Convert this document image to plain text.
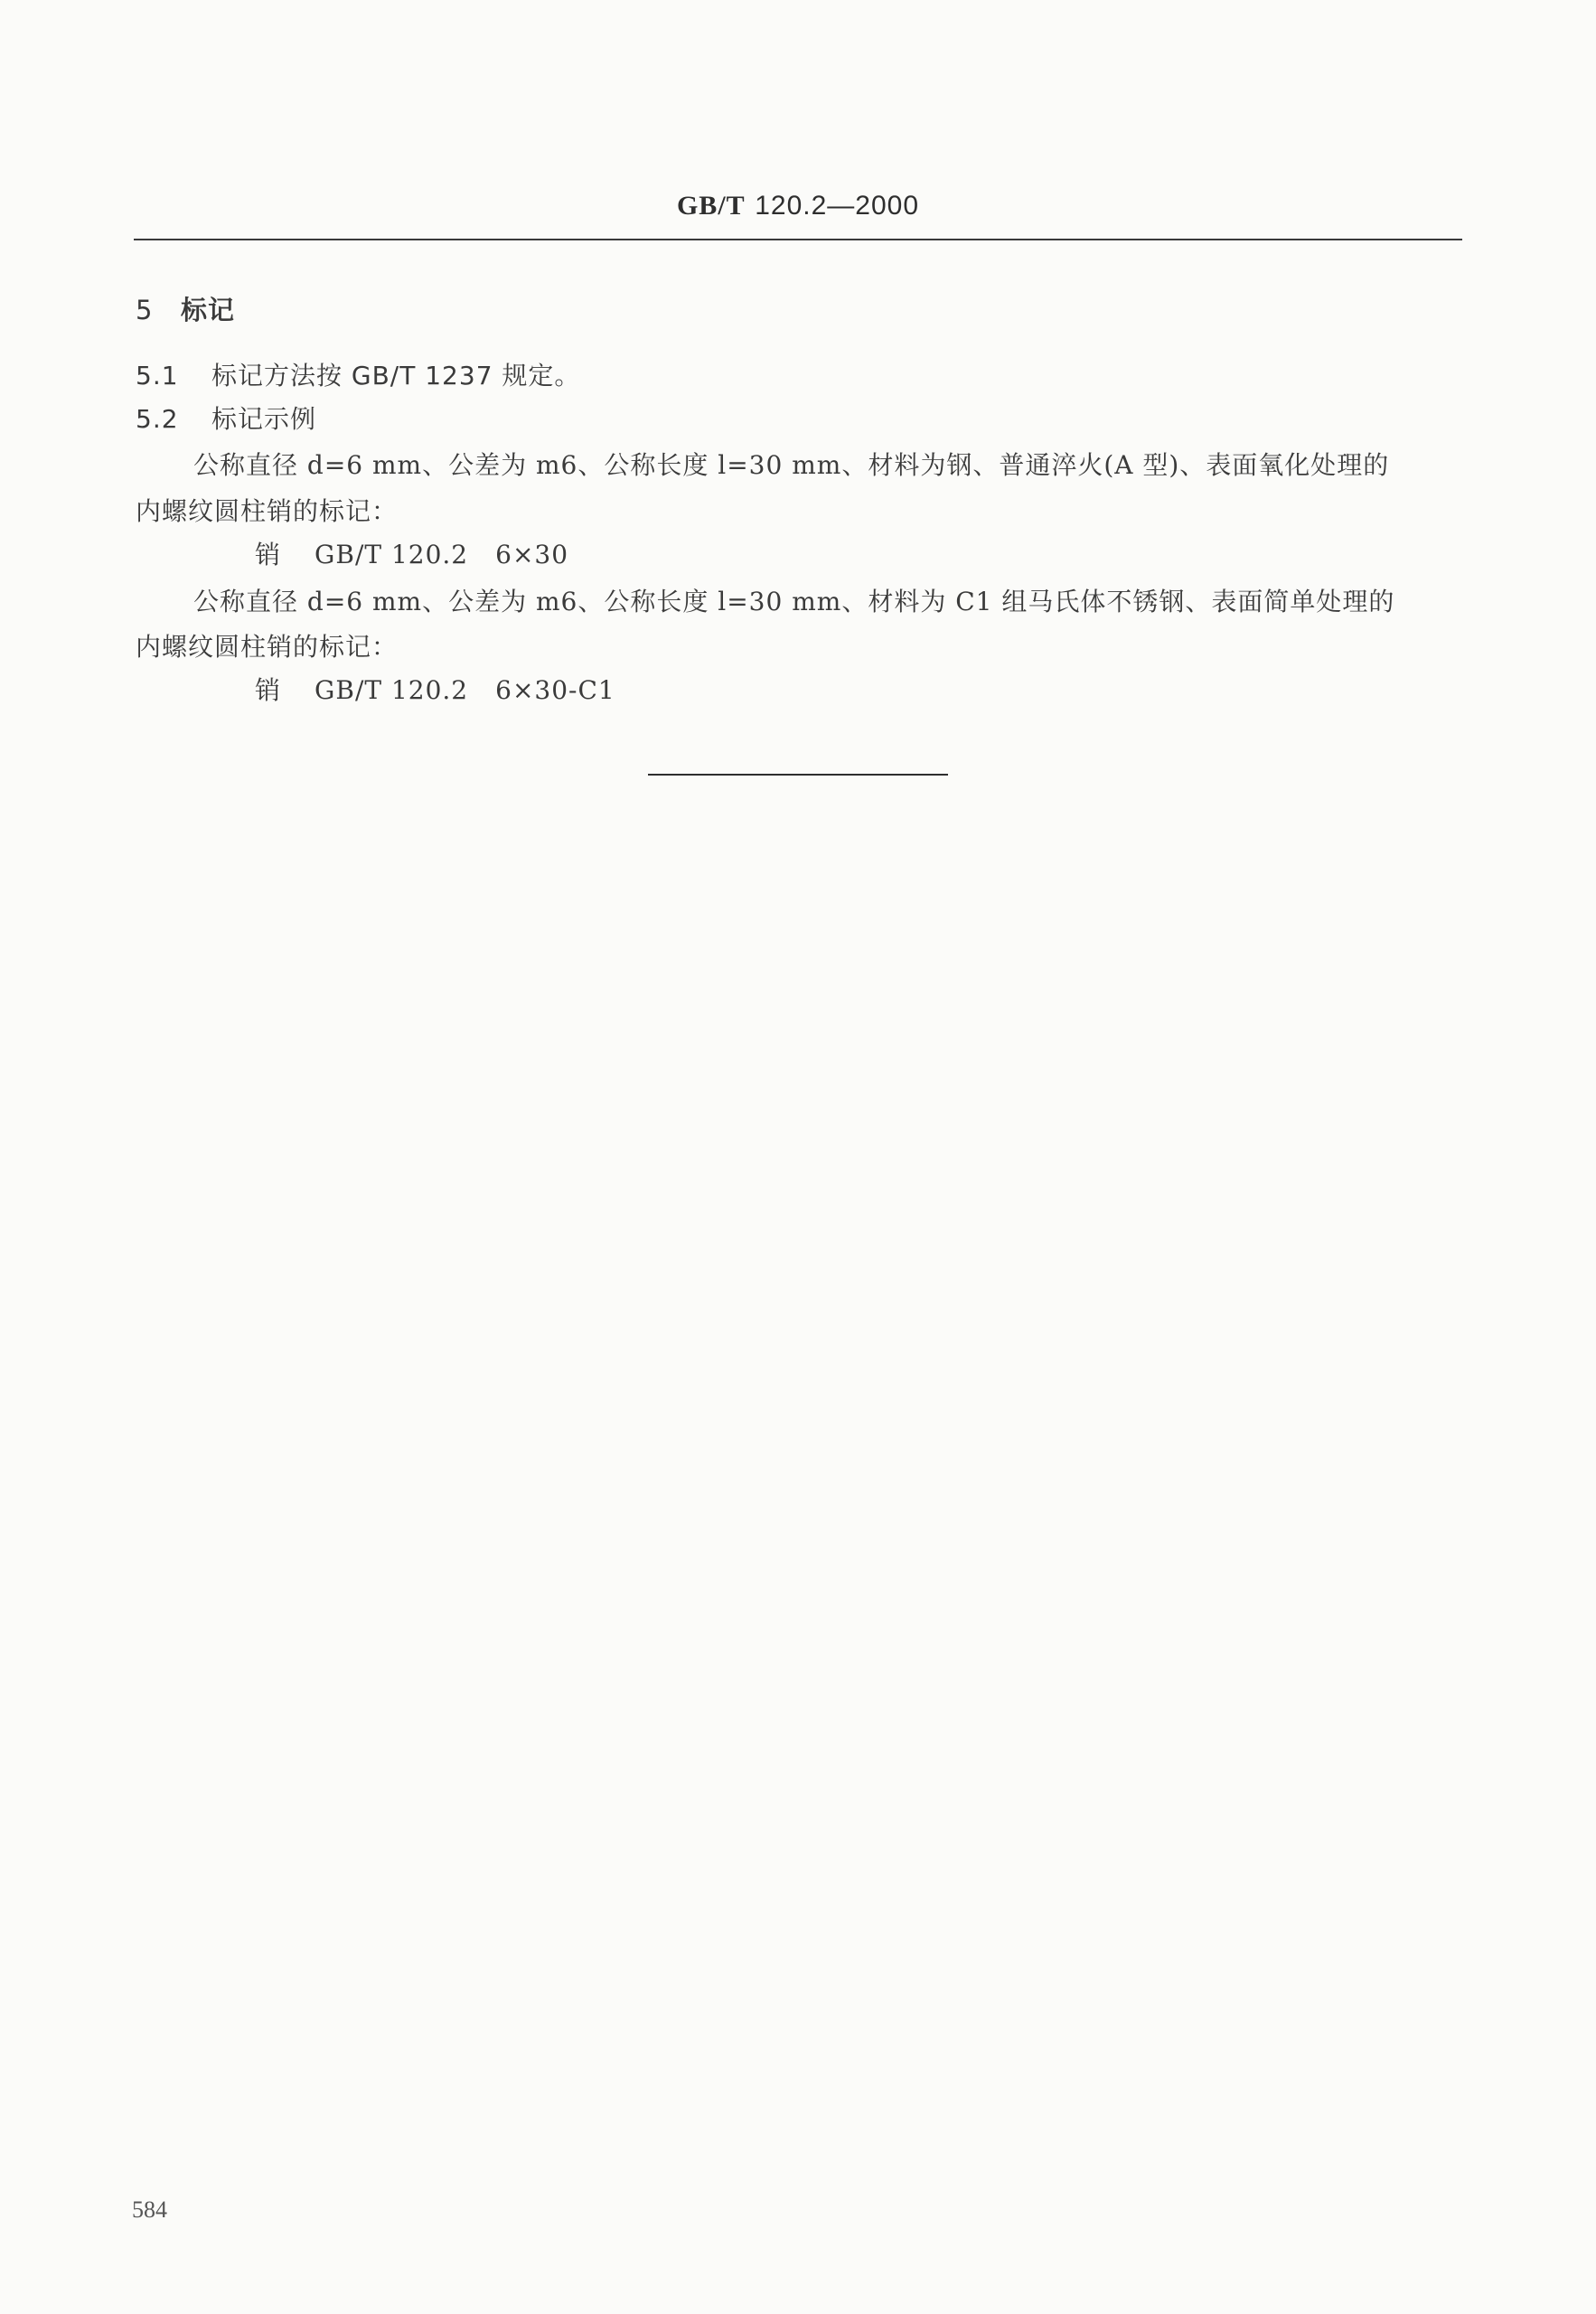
GB/T 120.2—2000
5 标记
5.1 标记方法按 GB/T 1237 规定。
5.2 标记示例
公称直径 d=6 mm、公差为 m6、公称长度 l=30 mm、材料为钢、普通淬火(A 型)、表面氧化处理的
内螺纹圆柱销的标记：
销 GB/T 120.2 6×30
公称直径 d=6 mm、公差为 m6、公称长度 l=30 mm、材料为 C1 组马氏体不锈钢、表面简单处理的
内螺纹圆柱销的标记：
销 GB/T 120.2 6×30-C1
584
